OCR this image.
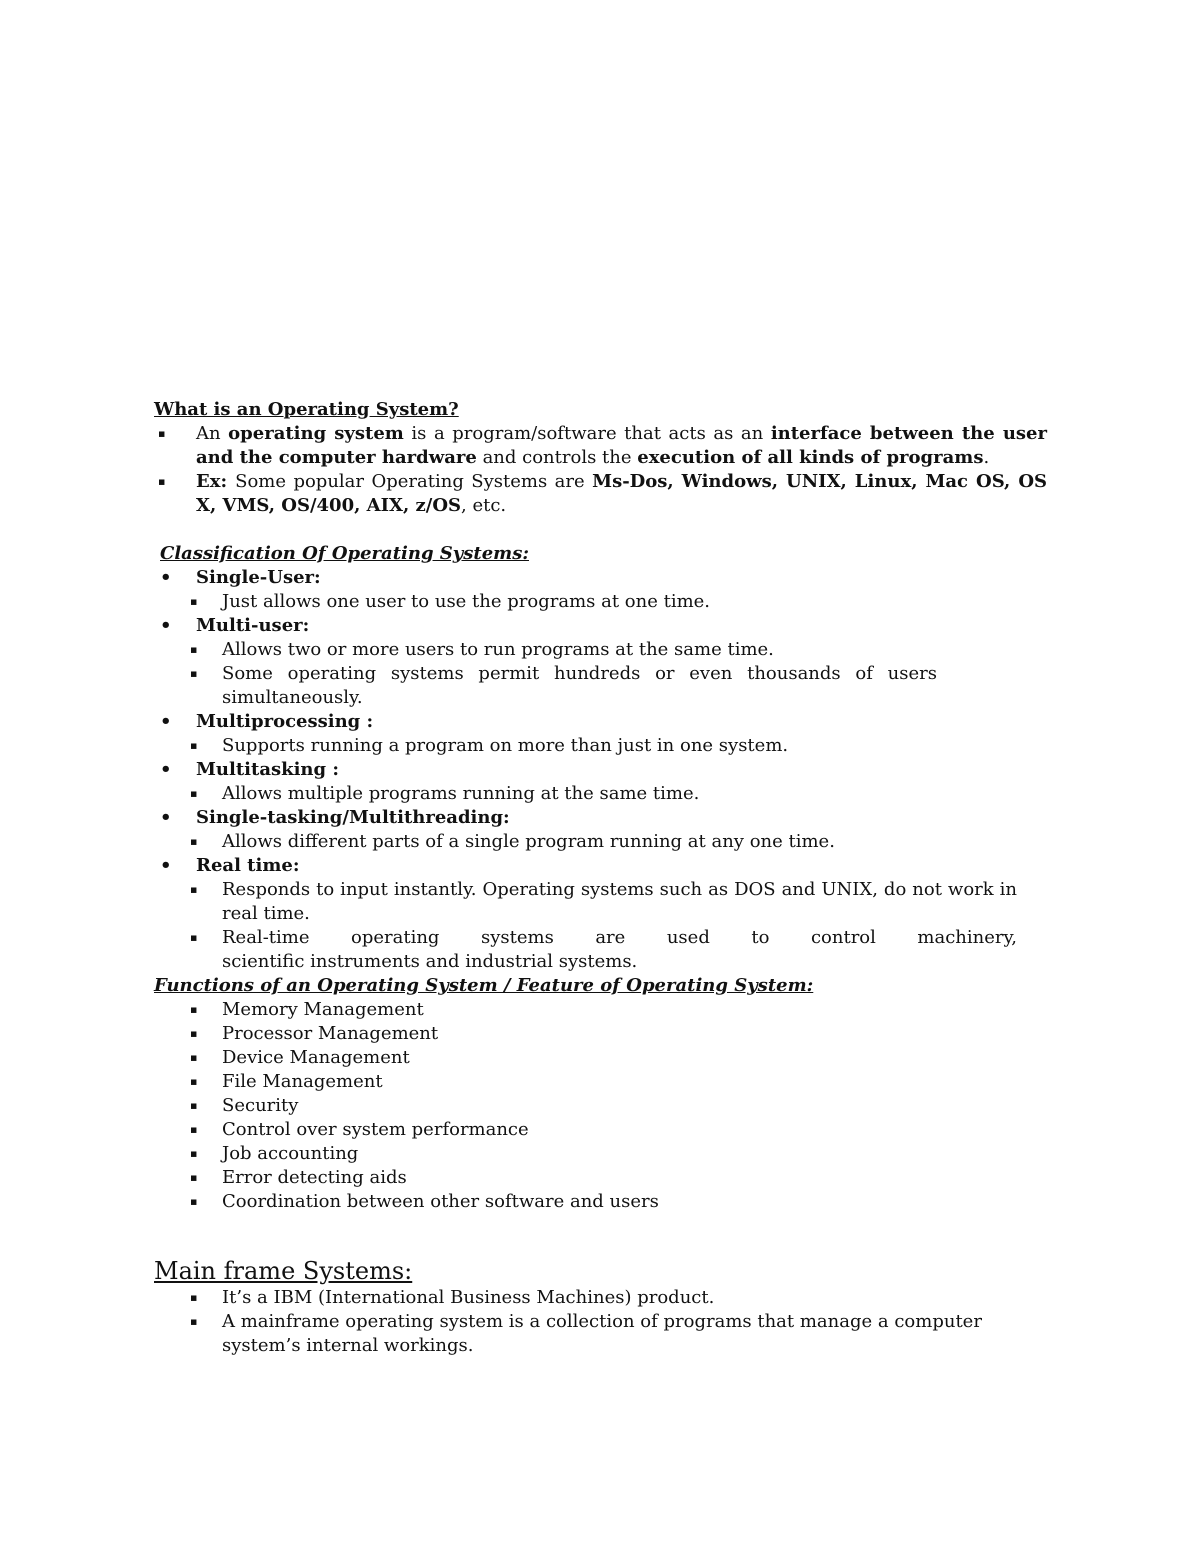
What is an Operating System?
▪ An operating system is a program/software that acts as an interface between the user and the computer hardware and controls the execution of all kinds of programs.
▪ Ex: Some popular Operating Systems are Ms-Dos, Windows, UNIX, Linux, Mac OS, OS X, VMS, OS/400, AIX, z/OS, etc.
Classification Of Operating Systems:
• Single-User:
▪ Just allows one user to use the programs at one time.
• Multi-user:
▪ Allows two or more users to run programs at the same time.
▪ Some operating systems permit hundreds or even thousands of users simultaneously.
• Multiprocessing :
▪ Supports running a program on more than just in one system.
• Multitasking :
▪ Allows multiple programs running at the same time.
• Single-tasking/Multithreading:
▪ Allows different parts of a single program running at any one time.
• Real time:
▪ Responds to input instantly. Operating systems such as DOS and UNIX, do not work in real time.
▪ Real-time operating systems are used to control machinery,
scientific instruments and industrial systems.
Functions of an Operating System / Feature of Operating System:
▪ Memory Management
▪ Processor Management
▪ Device Management
▪ File Management
▪ Security
▪ Control over system performance
▪ Job accounting
▪ Error detecting aids
▪ Coordination between other software and users
Main frame Systems:
▪ It’s a IBM (International Business Machines) product.
▪ A mainframe operating system is a collection of programs that manage a computer system’s internal workings.
